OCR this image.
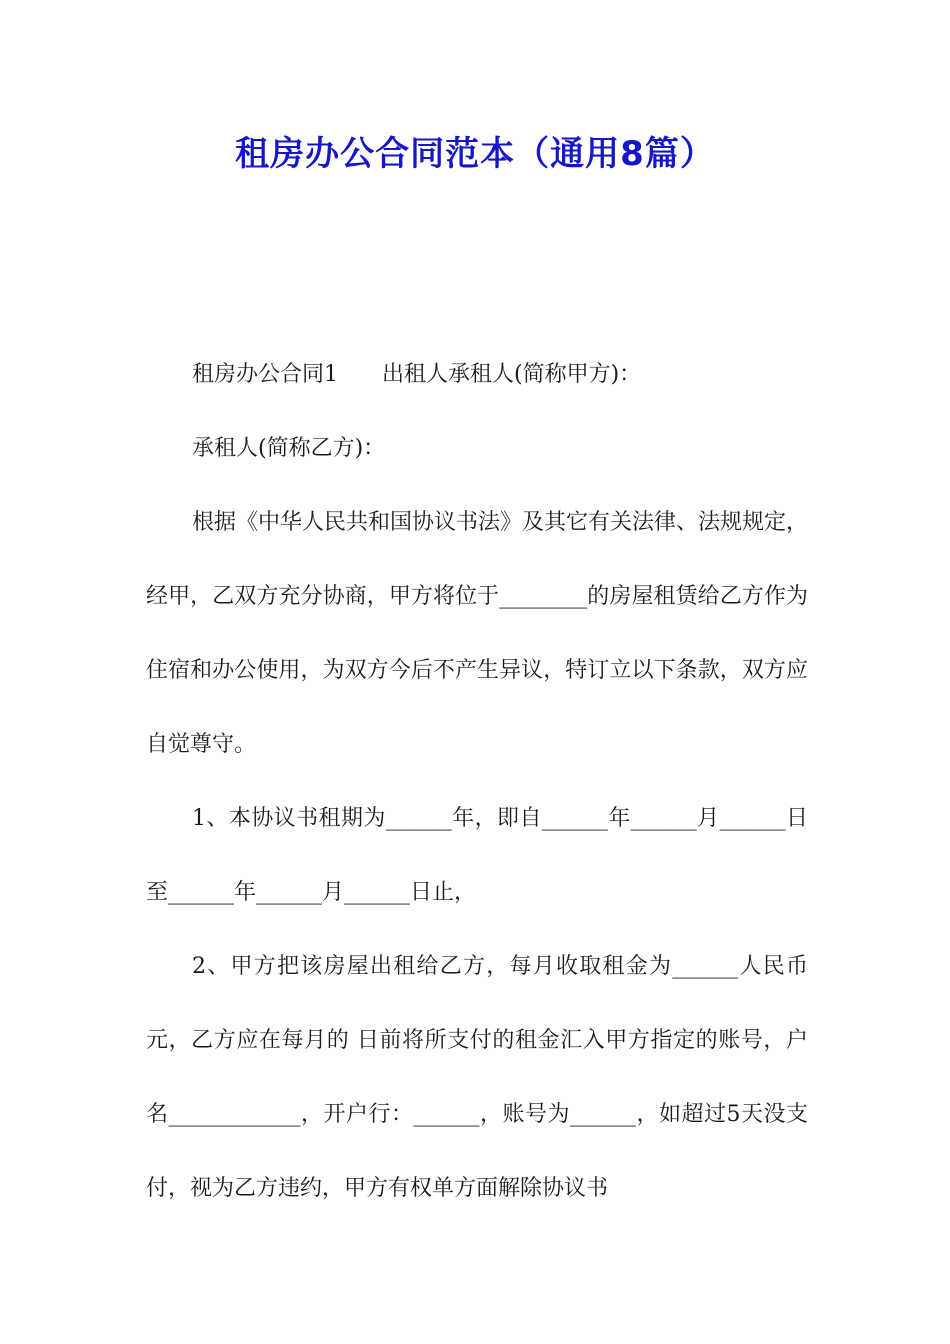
租房办公合同范本（通用8篇）

租房办公合同1　　出租人承租人(简称甲方)：

承租人(简称乙方)：

根据《中华人民共和国协议书法》及其它有关法律、法规规定，经甲，乙双方充分协商，甲方将位于________的房屋租赁给乙方作为住宿和办公使用，为双方今后不产生异议，特订立以下条款，双方应自觉尊守。

1、本协议书租期为______年，即自______年______月______日至______年______月______日止，

2、甲方把该房屋出租给乙方，每月收取租金为______人民币元，乙方应在每月的 日前将所支付的租金汇入甲方指定的账号，户名____________，开户行：______，账号为______，如超过5天没支付，视为乙方违约，甲方有权单方面解除协议书
